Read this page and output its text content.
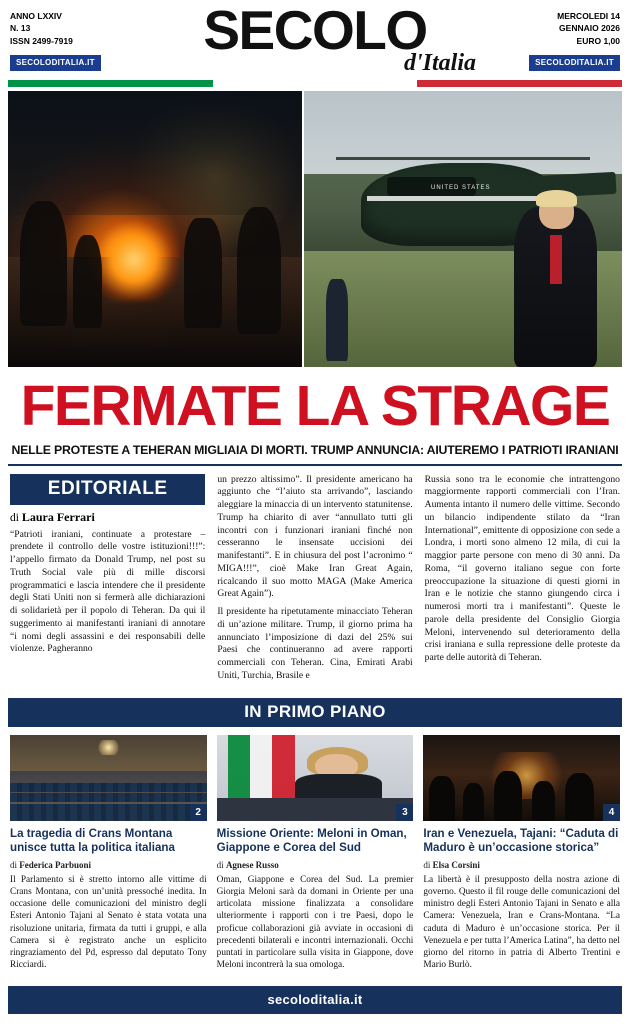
ANNO LXXIV
N. 13
ISSN 2499-7919
SECOLODITALIA.IT
SECOLO
d'Italia
MERCOLEDI 14
GENNAIO 2026
EURO 1,00
SECOLODITALIA.IT
UNITED STATES
FERMATE LA STRAGE
NELLE PROTESTE A TEHERAN MIGLIAIA DI MORTI. TRUMP ANNUNCIA: AIUTEREMO I PATRIOTI IRANIANI
EDITORIALE
di Laura Ferrari

“Patrioti iraniani, continuate a protestare – prendete il controllo delle vostre istituzioni!!!”: l’appello firmato da Donald Trump, nel post su Truth Social vale più di mille discorsi programmatici e lascia intendere che il presidente degli Stati Uniti non si fermerà alle dichiarazioni di solidarietà per il popolo di Teheran. Da qui il suggerimento ai manifestanti iraniani di annotare “i nomi degli assassini e dei responsabili delle violenze. Pagheranno

un prezzo altissimo”. Il presidente americano ha aggiunto che “l’aiuto sta arrivando”, lasciando aleggiare la minaccia di un intervento statunitense. Trump ha chiarito di aver “annullato tutti gli incontri con i funzionari iraniani finché non cesseranno le insensate uccisioni dei manifestanti”. E in chiusura del post l’acronimo “ MIGA!!!”, cioè Make Iran Great Again, ricalcando il suo motto MAGA (Make America Great Again”).

Il presidente ha ripetutamente minacciato Teheran di un’azione militare. Trump, il giorno prima ha annunciato l’imposizione di dazi del 25% sui Paesi che continueranno ad avere rapporti commerciali con Teheran. Cina, Emirati Arabi Uniti, Turchia, Brasile e

Russia sono tra le economie che intrattengono maggiormente rapporti commerciali con l’Iran. Aumenta intanto il numero delle vittime. Secondo un bilancio indipendente stilato da “Iran International”, emittente di opposizione con sede a Londra, i morti sono almeno 12 mila, di cui la maggior parte persone con meno di 30 anni. Da Roma, “il governo italiano segue con forte preoccupazione la situazione di questi giorni in Iran e le notizie che stanno giungendo circa i numerosi morti tra i manifestanti”. Queste le parole della presidente del Consiglio Giorgia Meloni, intervenendo sul deterioramento della crisi iraniana e sulla repressione delle proteste da parte delle autorità di Teheran.

IN PRIMO PIANO
2
La tragedia di Crans Montana unisce tutta la politica italiana
di Federica Parbuoni
Il Parlamento si è stretto intorno alle vittime di Crans Montana, con un’unità pressoché inedita. In occasione delle comunicazioni del ministro degli Esteri Antonio Tajani al Senato è stata votata una risoluzione unitaria, firmata da tutti i gruppi, e alla Camera si è registrato anche un esplicito ringraziamento del Pd, espresso dal deputato Tony Ricciardi.
3
Missione Oriente: Meloni in Oman, Giappone e Corea del Sud
di Agnese Russo
Oman, Giappone e Corea del Sud. La premier Giorgia Meloni sarà da domani in Oriente per una articolata missione finalizzata a consolidare ulteriormente i rapporti con i tre Paesi, dopo le proficue collaborazioni già avviate in occasioni di precedenti bilaterali e incontri internazionali. Occhi puntati in particolare sulla visita in Giappone, dove Meloni incontrerà la sua omologa.
4
Iran e Venezuela, Tajani: “Caduta di Maduro è un’occasione storica”
di Elsa Corsini
La libertà è il presupposto della nostra azione di governo. Questo il fil rouge delle comunicazioni del ministro degli Esteri Antonio Tajani in Senato e alla Camera: Venezuela, Iran e Crans-Montana. “La caduta di Maduro è un’occasione storica. Per il Venezuela e per tutta l’America Latina”, ha detto nel giorno del ritorno in patria di Alberto Trentini e Mario Burlò.
secoloditalia.it
